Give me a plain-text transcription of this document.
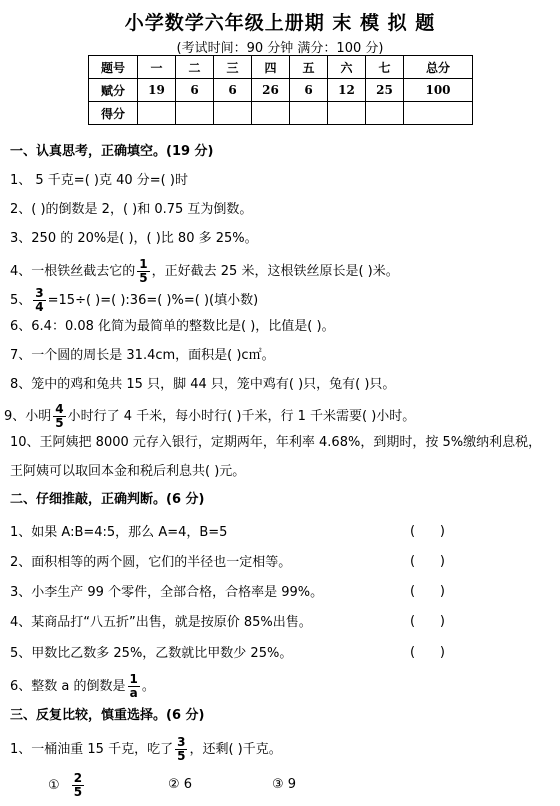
小学数学六年级上册期 末 模 拟 题
(考试时间：90 分钟 满分：100 分)
题号	一	二	三	四	五	六	七	总分
赋分	19	6	6	26	6	12	25	100
得分								
一、认真思考，正确填空。(19 分)
1、 5 千克=( )克 40 分=( )时
2、( )的倒数是 2，( )和 0.75 互为倒数。
3、250 的 20%是( )，( )比 80 多 25%。
4、一根铁丝截去它的 $\frac{1}{5}$ ，正好截去 25 米，这根铁丝原长是( )米。
5、 $\frac{3}{4} =15\div$( )=( ):36=( )%=( )(填小数)
6、6.4：0.08 化简为最简单的整数比是( )，比值是( )。
7、一个圆的周长是 31.4cm，面积是( )c㎡。
8、笼中的鸡和兔共 15 只，脚 44 只，笼中鸡有( )只，兔有( )只。
9、小明 $\frac{4}{5}$ 小时行了 4 千米，每小时行( )千米，行 1 千米需要( )小时。
10、王阿姨把 8000 元存入银行，定期两年，年利率 4.68%，到期时，按 5%缴纳利息税，
王阿姨可以取回本金和税后利息共( )元。
二、仔细推敲，正确判断。(6 分)
1、如果 A:B=4:5，那么 A=4，B=5	(      )
2、面积相等的两个圆，它们的半径也一定相等。	(      )
3、小李生产 99 个零件，全部合格，合格率是 99%。	(      )
4、某商品打“八五折”出售，就是按原价 85%出售。	(      )
5、甲数比乙数多 25%，乙数就比甲数少 25%。	(      )
6、整数 a 的倒数是 $\frac{1}{a}$ 。
三、反复比较，慎重选择。(6 分)
1、一桶油重 15 千克，吃了 $\frac{3}{5}$ ，还剩( )千克。
① $\frac{2}{5}$	② 6	③ 9
